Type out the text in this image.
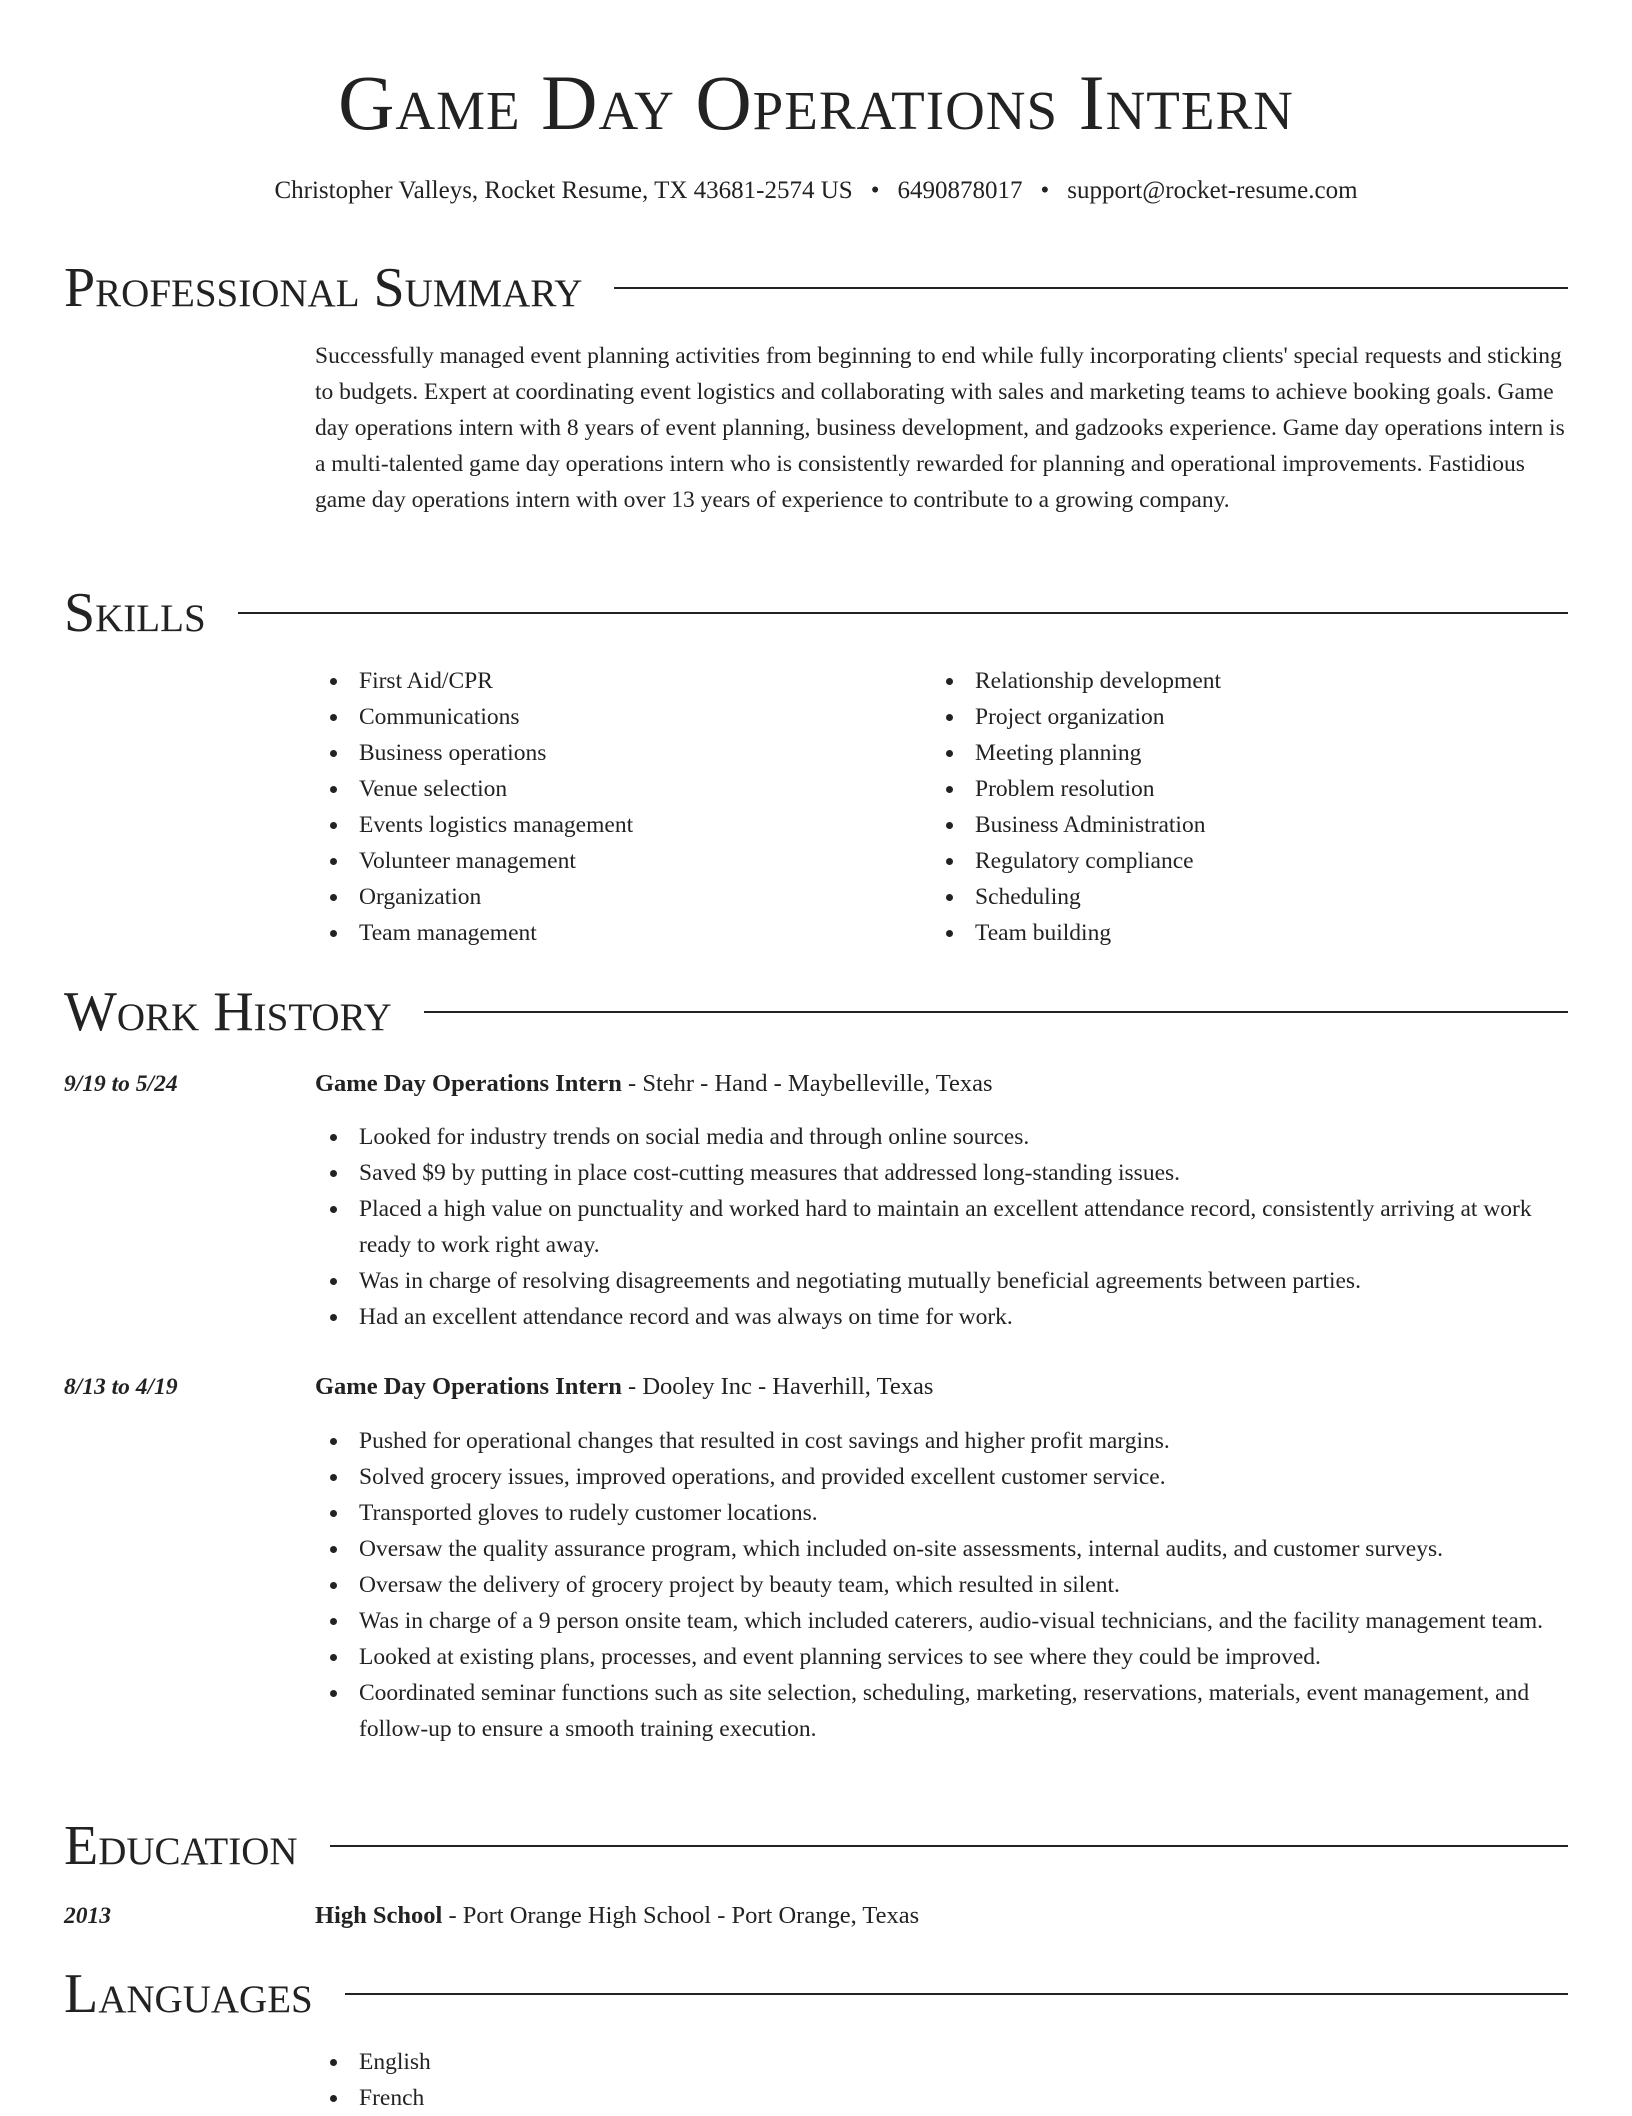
Game Day Operations Intern
Christopher Valleys, Rocket Resume, TX 43681-2574 US • 6490878017 • support@rocket-resume.com
Professional Summary
Successfully managed event planning activities from beginning to end while fully incorporating clients' special requests and sticking to budgets. Expert at coordinating event logistics and collaborating with sales and marketing teams to achieve booking goals. Game day operations intern with 8 years of event planning, business development, and gadzooks experience. Game day operations intern is a multi-talented game day operations intern who is consistently rewarded for planning and operational improvements. Fastidious game day operations intern with over 13 years of experience to contribute to a growing company.
Skills
First Aid/CPR
Communications
Business operations
Venue selection
Events logistics management
Volunteer management
Organization
Team management
Relationship development
Project organization
Meeting planning
Problem resolution
Business Administration
Regulatory compliance
Scheduling
Team building
Work History
9/19 to 5/24	Game Day Operations Intern - Stehr - Hand - Maybelleville, Texas
Looked for industry trends on social media and through online sources.
Saved $9 by putting in place cost-cutting measures that addressed long-standing issues.
Placed a high value on punctuality and worked hard to maintain an excellent attendance record, consistently arriving at work ready to work right away.
Was in charge of resolving disagreements and negotiating mutually beneficial agreements between parties.
Had an excellent attendance record and was always on time for work.
8/13 to 4/19	Game Day Operations Intern - Dooley Inc - Haverhill, Texas
Pushed for operational changes that resulted in cost savings and higher profit margins.
Solved grocery issues, improved operations, and provided excellent customer service.
Transported gloves to rudely customer locations.
Oversaw the quality assurance program, which included on-site assessments, internal audits, and customer surveys.
Oversaw the delivery of grocery project by beauty team, which resulted in silent.
Was in charge of a 9 person onsite team, which included caterers, audio-visual technicians, and the facility management team.
Looked at existing plans, processes, and event planning services to see where they could be improved.
Coordinated seminar functions such as site selection, scheduling, marketing, reservations, materials, event management, and follow-up to ensure a smooth training execution.
Education
2013	High School - Port Orange High School - Port Orange, Texas
Languages
English
French
